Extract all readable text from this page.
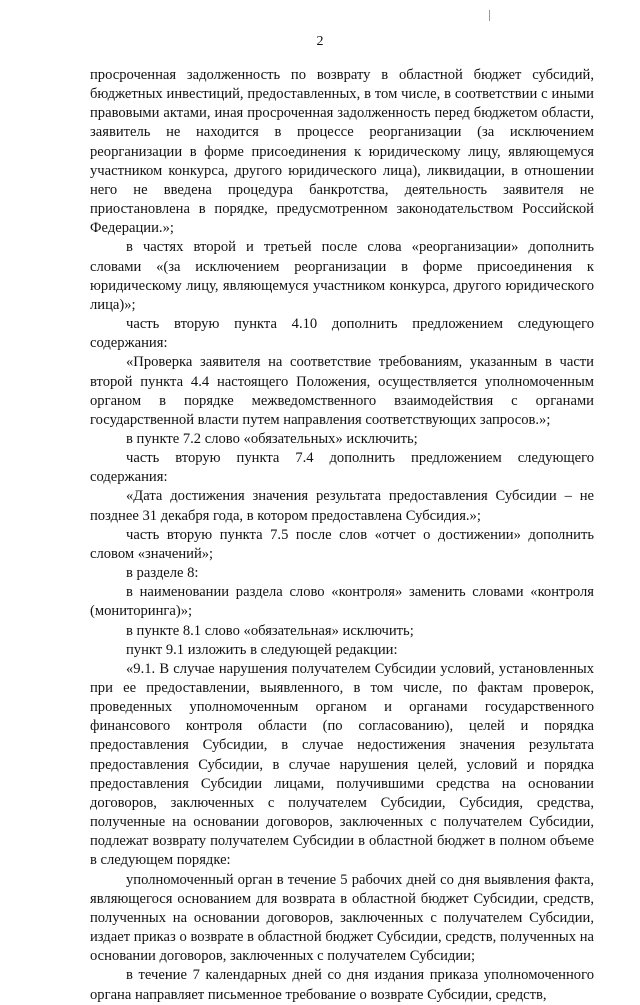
2

просроченная задолженность по возврату в областной бюджет субсидий, бюджетных инвестиций, предоставленных, в том числе, в соответствии с иными правовыми актами, иная просроченная задолженность перед бюджетом области, заявитель не находится в процессе реорганизации (за исключением реорганизации в форме присоединения к юридическому лицу, являющемуся участником конкурса, другого юридического лица), ликвидации, в отношении него не введена процедура банкротства, деятельность заявителя не приостановлена в порядке, предусмотренном законодательством Российской Федерации.»;

в частях второй и третьей после слова «реорганизации» дополнить словами «(за исключением реорганизации в форме присоединения к юридическому лицу, являющемуся участником конкурса, другого юридического лица)»;

часть вторую пункта 4.10 дополнить предложением следующего содержания:

«Проверка заявителя на соответствие требованиям, указанным в части второй пункта 4.4 настоящего Положения, осуществляется уполномоченным органом в порядке межведомственного взаимодействия с органами государственной власти путем направления соответствующих запросов.»;

в пункте 7.2 слово «обязательных» исключить;

часть вторую пункта 7.4 дополнить предложением следующего содержания:

«Дата достижения значения результата предоставления Субсидии – не позднее 31 декабря года, в котором предоставлена Субсидия.»;

часть вторую пункта 7.5 после слов «отчет о достижении» дополнить словом «значений»;

в разделе 8:

в наименовании раздела слово «контроля» заменить словами «контроля (мониторинга)»;

в пункте 8.1 слово «обязательная» исключить;

пункт 9.1 изложить в следующей редакции:

«9.1. В случае нарушения получателем Субсидии условий, установленных при ее предоставлении, выявленного, в том числе, по фактам проверок, проведенных уполномоченным органом и органами государственного финансового контроля области (по согласованию), целей и порядка предоставления Субсидии, в случае недостижения значения результата предоставления Субсидии, в случае нарушения целей, условий и порядка предоставления Субсидии лицами, получившими средства на основании договоров, заключенных с получателем Субсидии, Субсидия, средства, полученные на основании договоров, заключенных с получателем Субсидии, подлежат возврату получателем Субсидии в областной бюджет в полном объеме в следующем порядке:

уполномоченный орган в течение 5 рабочих дней со дня выявления факта, являющегося основанием для возврата в областной бюджет Субсидии, средств, полученных на основании договоров, заключенных с получателем Субсидии, издает приказ о возврате в областной бюджет Субсидии, средств, полученных на основании договоров, заключенных с получателем Субсидии;

в течение 7 календарных дней со дня издания приказа уполномоченного органа направляет письменное требование о возврате Субсидии, средств,
